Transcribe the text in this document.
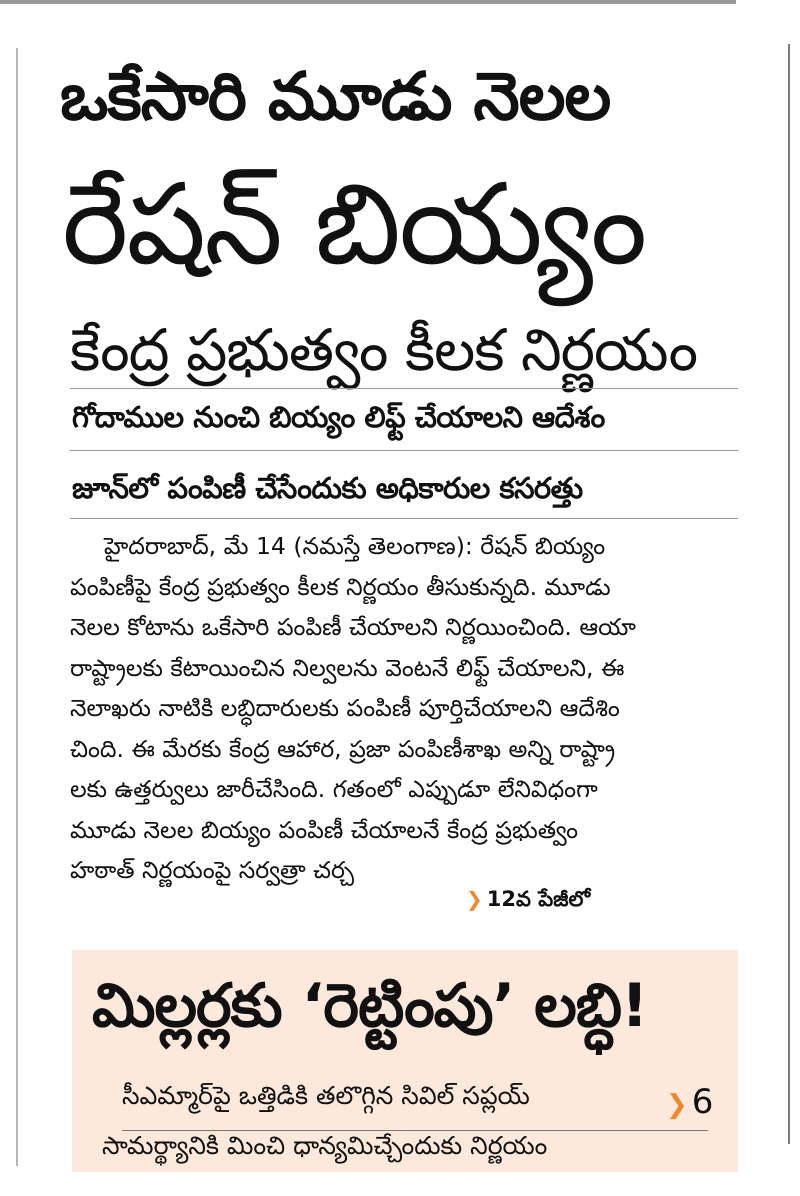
ఒకేసారి మూడు నెలల
రేషన్ బియ్యం
కేంద్ర ప్రభుత్వం కీలక నిర్ణయం
గోదాముల నుంచి బియ్యం లిఫ్ట్ చేయాలని ఆదేశం
జూన్‌లో పంపిణీ చేసేందుకు అధికారుల కసరత్తు
హైదరాబాద్, మే 14 (నమస్తే తెలంగాణ): రేషన్ బియ్యం
పంపిణీపై కేంద్ర ప్రభుత్వం కీలక నిర్ణయం తీసుకున్నది. మూడు
నెలల కోటాను ఒకేసారి పంపిణీ చేయాలని నిర్ణయించింది. ఆయా
రాష్ట్రాలకు కేటాయించిన నిల్వలను వెంటనే లిఫ్ట్ చేయాలని, ఈ
నెలాఖరు నాటికి లబ్ధిదారులకు పంపిణీ పూర్తిచేయాలని ఆదేశిం
చింది. ఈ మేరకు కేంద్ర ఆహార, ప్రజా పంపిణీశాఖ అన్ని రాష్ట్రా
లకు ఉత్తర్వులు జారీచేసింది. గతంలో ఎప్పుడూ లేనివిధంగా
మూడు నెలల బియ్యం పంపిణీ చేయాలనే కేంద్ర ప్రభుత్వం
హఠాత్ నిర్ణయంపై సర్వత్రా చర్చ
❯ 12వ పేజీలో
మిల్లర్లకు ‘రెట్టింపు’ లబ్ధి!
సీఎమ్మార్‌పై ఒత్తిడికి తలొగ్గిన సివిల్ సప్లయ్
సామర్థ్యానికి మించి ధాన్యమిచ్చేందుకు నిర్ణయం
❯ 6
